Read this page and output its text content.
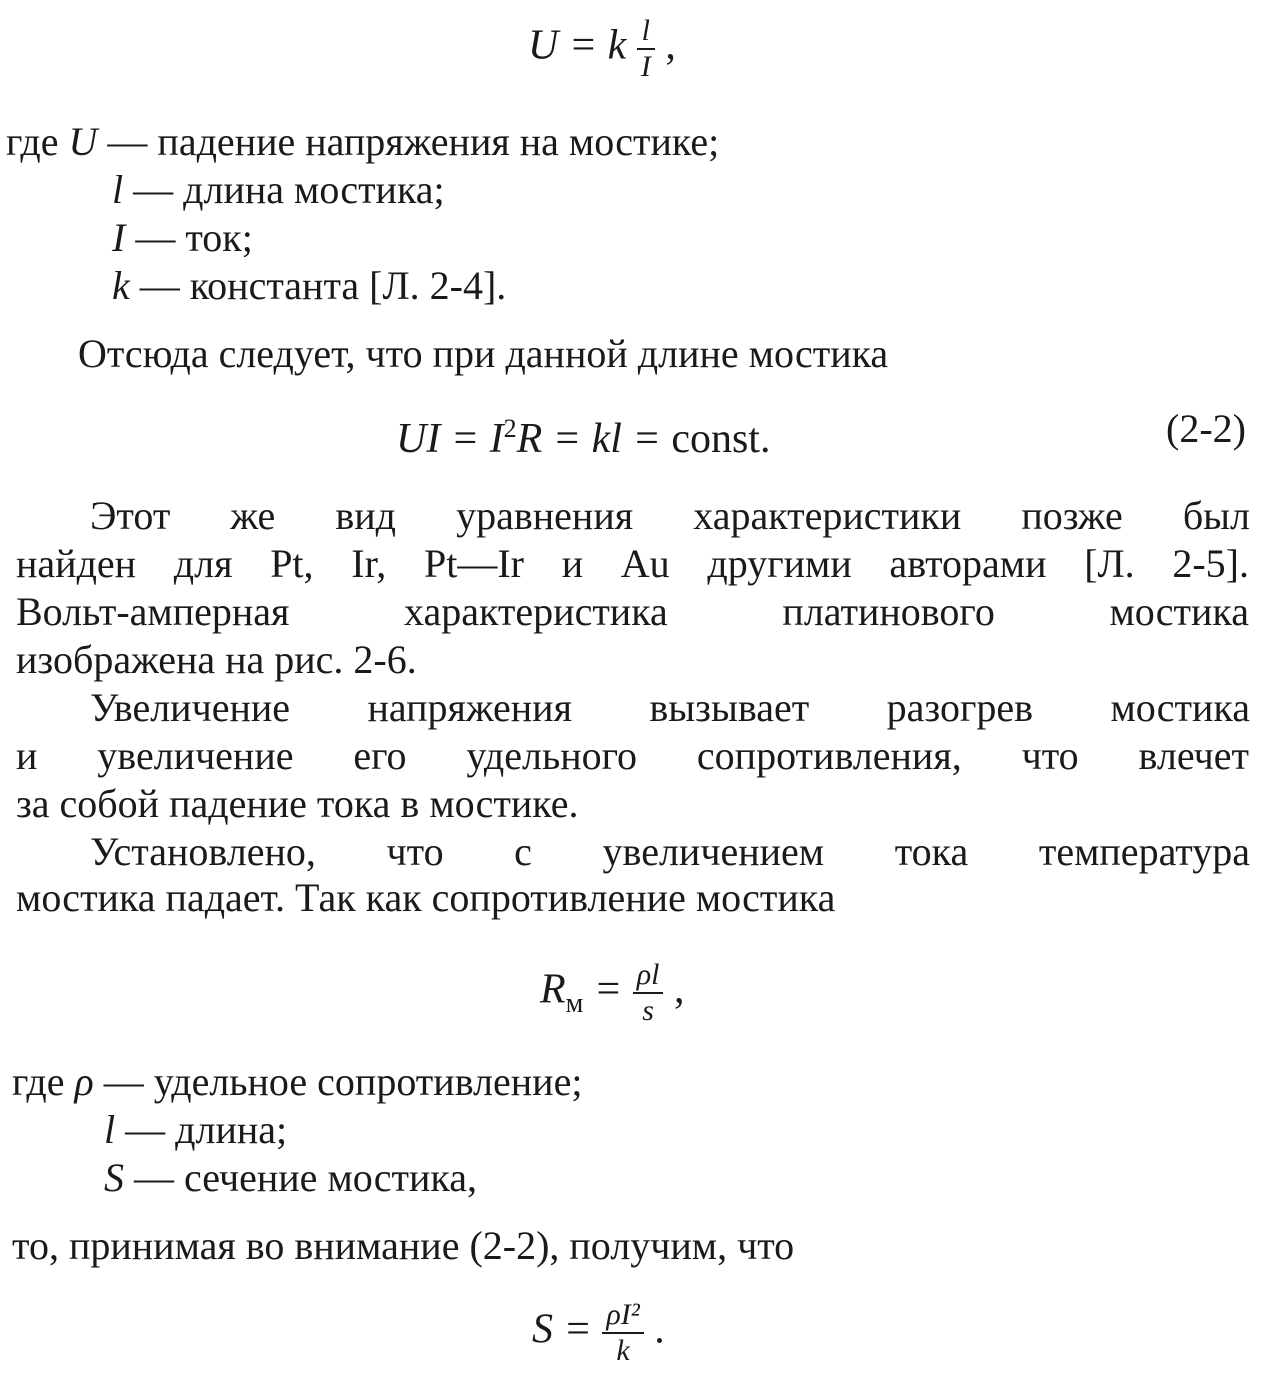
U = k $\frac{l}{I}$ ,
где U — падение напряжения на мостике;
l — длина мостика;
I — ток;
k — константа [Л. 2-4].
Отсюда следует, что при данной длине мостика
UI = $I^2R$ = kl = const.	(2-2)
Этот же вид уравнения характеристики позже был
найден для Pt, Ir, Pt—Ir и Au другими авторами [Л. 2-5].
Вольт-амперная характеристика платинового мостика
изображена на рис. 2-6.
Увеличение напряжения вызывает разогрев мостика
и увеличение его удельного сопротивления, что влечет
за собой падение тока в мостике.
Установлено, что с увеличением тока температура
мостика падает. Так как сопротивление мостика
$R_м = \frac{\rho l}{s}$ ,
где ρ — удельное сопротивление;
l — длина;
S — сечение мостика,
то, принимая во внимание (2-2), получим, что
$S = \frac{\text{ρI²}}{k}$ .
